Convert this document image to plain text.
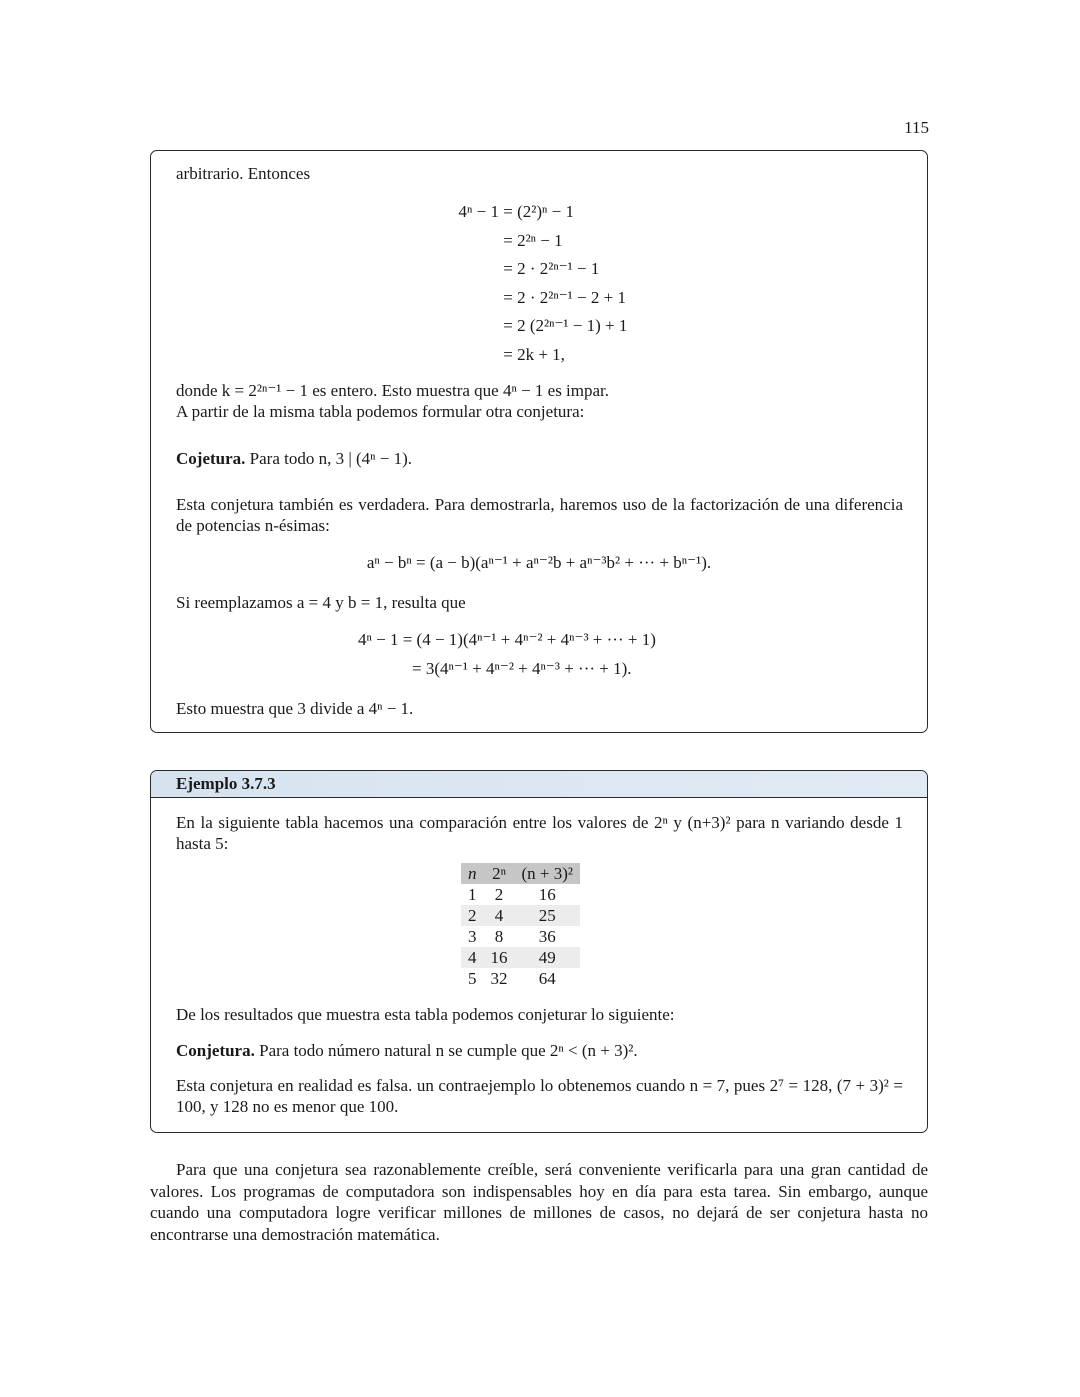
115
arbitrario. Entonces
4ⁿ − 1 = (2²)ⁿ − 1
= 2²ⁿ − 1
= 2 · 2²ⁿ⁻¹ − 1
= 2 · 2²ⁿ⁻¹ − 2 + 1
= 2 (2²ⁿ⁻¹ − 1) + 1
= 2k + 1,
donde k = 2²ⁿ⁻¹ − 1 es entero. Esto muestra que 4ⁿ − 1 es impar.
A partir de la misma tabla podemos formular otra conjetura:
Cojetura. Para todo n, 3 | (4ⁿ − 1).
Esta conjetura también es verdadera. Para demostrarla, haremos uso de la factorización de una diferencia de potencias n-ésimas:
aⁿ − bⁿ = (a − b)(aⁿ⁻¹ + aⁿ⁻²b + aⁿ⁻³b² + ··· + bⁿ⁻¹).
Si reemplazamos a = 4 y b = 1, resulta que
4ⁿ − 1 = (4 − 1)(4ⁿ⁻¹ + 4ⁿ⁻² + 4ⁿ⁻³ + ··· + 1)
= 3(4ⁿ⁻¹ + 4ⁿ⁻² + 4ⁿ⁻³ + ··· + 1).
Esto muestra que 3 divide a 4ⁿ − 1.
Ejemplo 3.7.3
En la siguiente tabla hacemos una comparación entre los valores de 2ⁿ y (n+3)² para n variando desde 1 hasta 5:
n	2ⁿ	(n + 3)²
1	2	16
2	4	25
3	8	36
4	16	49
5	32	64
De los resultados que muestra esta tabla podemos conjeturar lo siguiente:
Conjetura. Para todo número natural n se cumple que 2ⁿ < (n + 3)².
Esta conjetura en realidad es falsa. un contraejemplo lo obtenemos cuando n = 7, pues 2⁷ = 128, (7 + 3)² = 100, y 128 no es menor que 100.
Para que una conjetura sea razonablemente creíble, será conveniente verificarla para una gran cantidad de valores. Los programas de computadora son indispensables hoy en día para esta tarea. Sin embargo, aunque cuando una computadora logre verificar millones de millones de casos, no dejará de ser conjetura hasta no encontrarse una demostración matemática.
